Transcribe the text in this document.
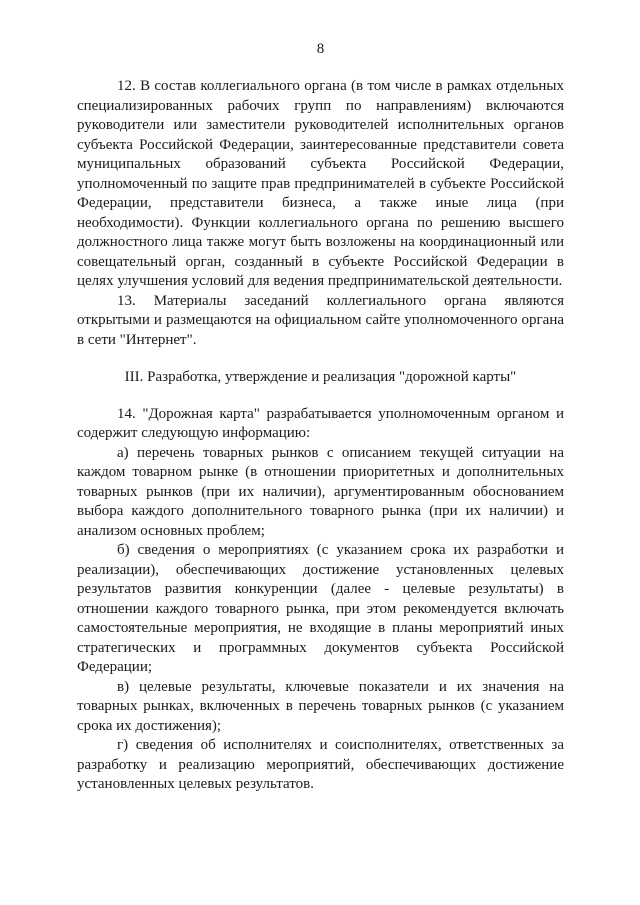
8

12. В состав коллегиального органа (в том числе в рамках отдельных специализированных рабочих групп по направлениям) включаются руководители или заместители руководителей исполнительных органов субъекта Российской Федерации, заинтересованные представители совета муниципальных образований субъекта Российской Федерации, уполномоченный по защите прав предпринимателей в субъекте Российской Федерации, представители бизнеса, а также иные лица (при необходимости). Функции коллегиального органа по решению высшего должностного лица также могут быть возложены на координационный или совещательный орган, созданный в субъекте Российской Федерации в целях улучшения условий для ведения предпринимательской деятельности.

13. Материалы заседаний коллегиального органа являются открытыми и размещаются на официальном сайте уполномоченного органа в сети "Интернет".

III. Разработка, утверждение и реализация "дорожной карты"

14. "Дорожная карта" разрабатывается уполномоченным органом и содержит следующую информацию:

а) перечень товарных рынков с описанием текущей ситуации на каждом товарном рынке (в отношении приоритетных и дополнительных товарных рынков (при их наличии), аргументированным обоснованием выбора каждого дополнительного товарного рынка (при их наличии) и анализом основных проблем;

б) сведения о мероприятиях (с указанием срока их разработки и реализации), обеспечивающих достижение установленных целевых результатов развития конкуренции (далее - целевые результаты) в отношении каждого товарного рынка, при этом рекомендуется включать самостоятельные мероприятия, не входящие в планы мероприятий иных стратегических и программных документов субъекта Российской Федерации;

в) целевые результаты, ключевые показатели и их значения на товарных рынках, включенных в перечень товарных рынков (с указанием срока их достижения);

г) сведения об исполнителях и соисполнителях, ответственных за разработку и реализацию мероприятий, обеспечивающих достижение установленных целевых результатов.
